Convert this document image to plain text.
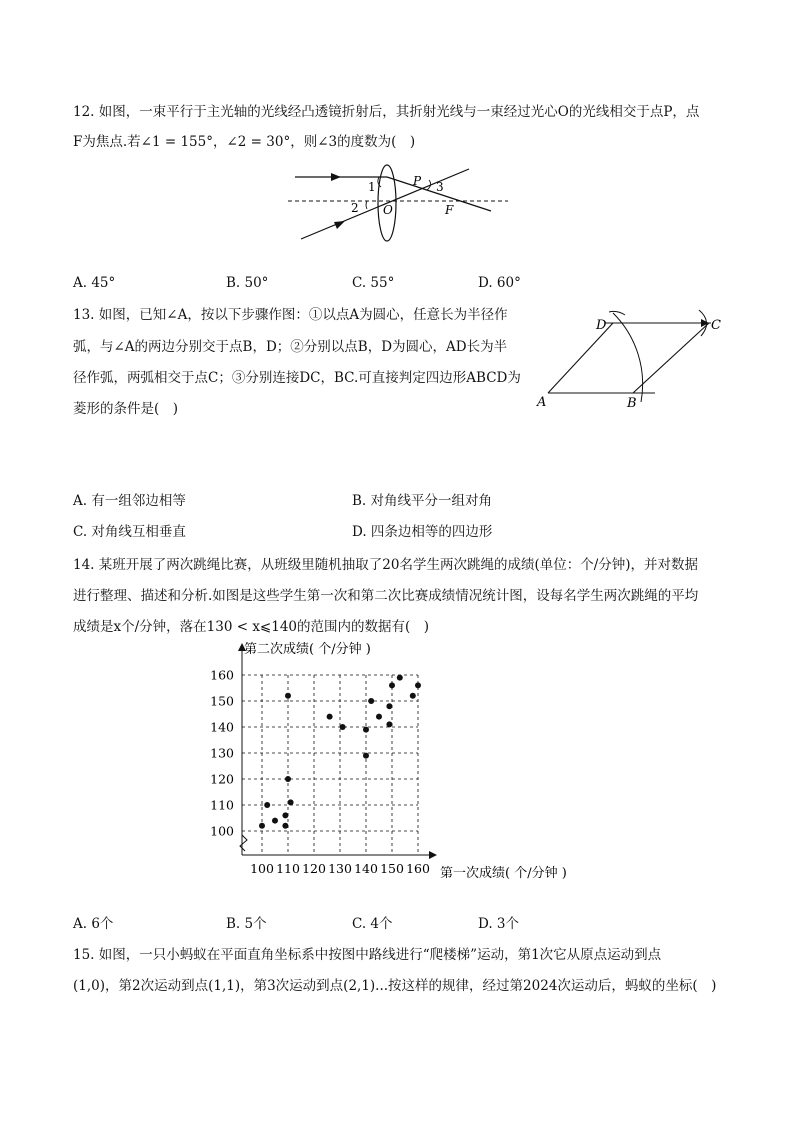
12. 如图，一束平行于主光轴的光线经凸透镜折射后，其折射光线与一束经过光心O的光线相交于点P，点
F为焦点.若∠1 = 155°，∠2 = 30°，则∠3的度数为(　)
1
2
3
P
O	F
A. 45°	B. 50°	C. 55°	D. 60°
13. 如图，已知∠A，按以下步骤作图：①以点A为圆心，任意长为半径作
弧，与∠A的两边分别交于点B，D；②分别以点B，D为圆心，AD长为半
径作弧，两弧相交于点C；③分别连接DC，BC.可直接判定四边形ABCD为
菱形的条件是(　)	A	B
C
D
A. 有一组邻边相等	B. 对角线平分一组对角
C. 对角线互相垂直	D. 四条边相等的四边形
14. 某班开展了两次跳绳比赛，从班级里随机抽取了20名学生两次跳绳的成绩(单位：个/分钟)，并对数据
进行整理、描述和分析.如图是这些学生第一次和第二次比赛成绩情况统计图，设每名学生两次跳绳的平均
成绩是x个/分钟，落在130 < x⩽140的范围内的数据有(　)
100 110 120 130 140 150 160
100
110
120
130
140
150
160
第二次成绩( 个/分钟 )
第一次成绩( 个/分钟 )
A. 6个	B. 5个	C. 4个	D. 3个
15. 如图，一只小蚂蚁在平面直角坐标系中按图中路线进行“爬楼梯”运动，第1次它从原点运动到点
(1,0)，第2次运动到点(1,1)，第3次运动到点(2,1)...按这样的规律，经过第2024次运动后，蚂蚁的坐标(　)
